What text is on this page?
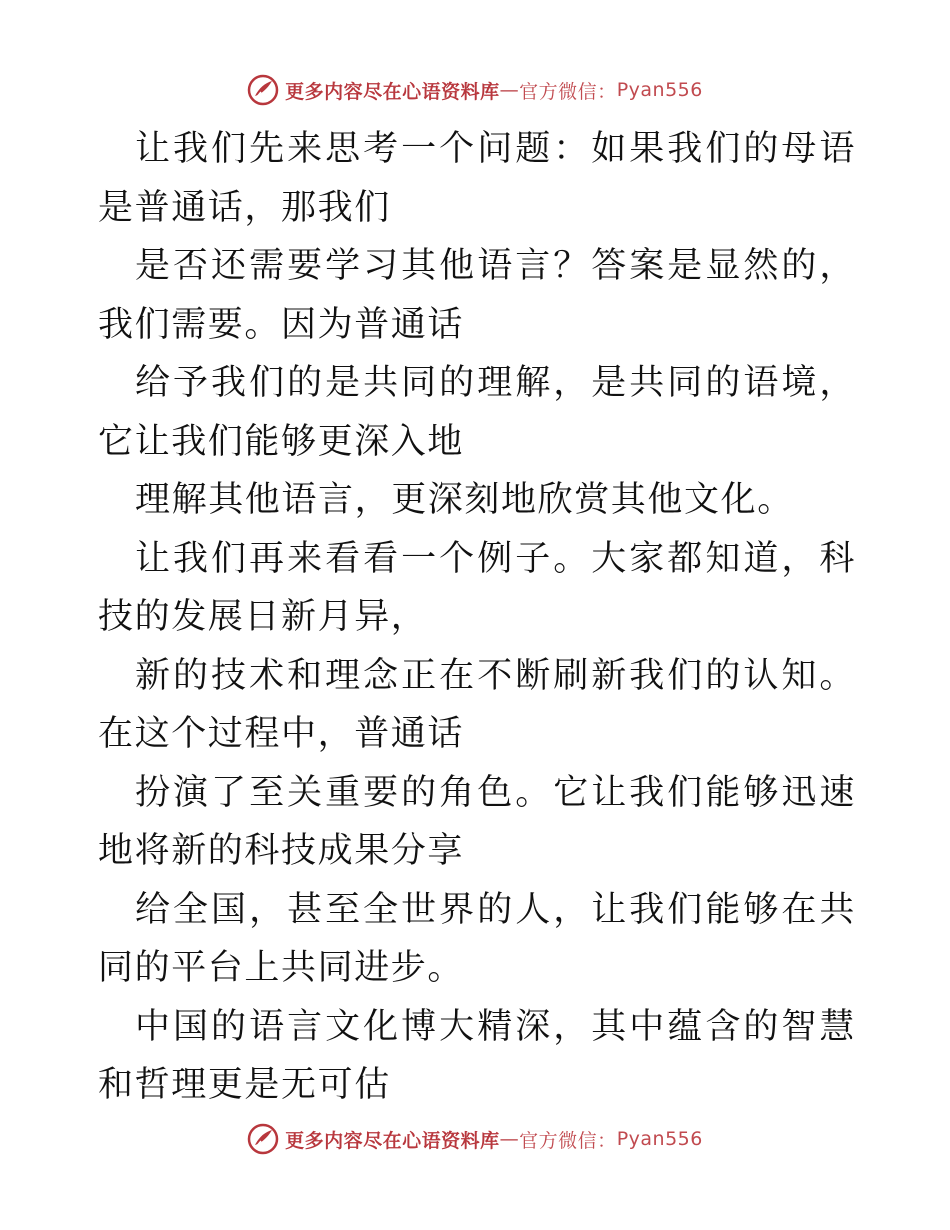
更多内容尽在心语资料库 — 官方微信： Pyan556

让我们先来思考一个问题：如果我们的母语是普通话，那我们

是否还需要学习其他语言？答案是显然的，我们需要。因为普通话

给予我们的是共同的理解，是共同的语境，它让我们能够更深入地

理解其他语言，更深刻地欣赏其他文化。

让我们再来看看一个例子。大家都知道，科技的发展日新月异，

新的技术和理念正在不断刷新我们的认知。在这个过程中，普通话

扮演了至关重要的角色。它让我们能够迅速地将新的科技成果分享

给全国，甚至全世界的人，让我们能够在共同的平台上共同进步。

中国的语言文化博大精深，其中蕴含的智慧和哲理更是无可估

更多内容尽在心语资料库 — 官方微信： Pyan556
